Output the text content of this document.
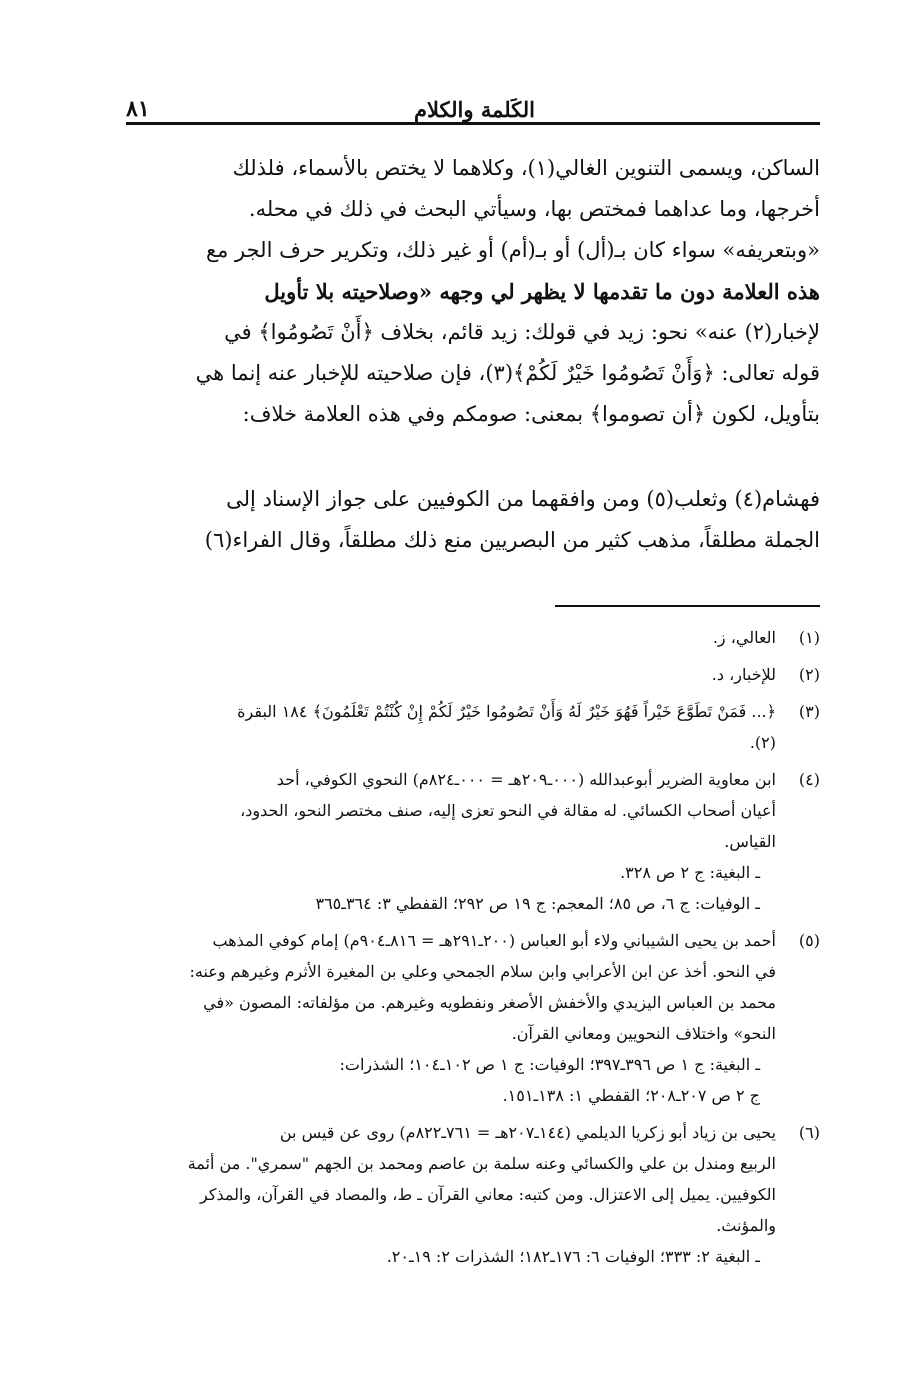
الكَلمة والكلام
٨١
الساكن، ويسمى التنوين الغالي(١)، وكلاهما لا يختص بالأسماء، فلذلك
أخرجها، وما عداهما فمختص بها، وسيأتي البحث في ذلك في محله.
«وبتعريفه» سواء كان بـ(أل) أو بـ(أم) أو غير ذلك، وتكرير حرف الجر مع
هذه العلامة دون ما تقدمها لا يظهر لي وجهه «وصلاحيته بلا تأويل
لإخبار(٢) عنه» نحو: زيد في قولك: زيد قائم، بخلاف ﴿أَنْ تَصُومُوا﴾ في
قوله تعالى: ﴿وَأَنْ تَصُومُوا خَيْرٌ لَكُمْ﴾(٣)، فإن صلاحيته للإخبار عنه إنما هي
بتأويل، لكون ﴿أن تصوموا﴾ بمعنى: صومكم وفي هذه العلامة خلاف:
فهشام(٤) وثعلب(٥) ومن وافقهما من الكوفيين على جواز الإسناد إلى
الجملة مطلقاً، مذهب كثير من البصريين منع ذلك مطلقاً، وقال الفراء(٦)
(١)
العالي، ز.
(٢)
للإخبار، د.
(٣)
﴿... فَمَنْ تَطَوَّعَ خَيْراً فَهُوَ خَيْرٌ لَهُ وَأَنْ تَصُومُوا خَيْرٌ لَكُمْ إِنْ كُنْتُمْ تَعْلَمُونَ﴾ ١٨٤ البقرة
(٢).
(٤)
ابن معاوية الضرير أبوعبدالله (٠٠٠ـ٢٠٩هـ = ٠٠٠ـ٨٢٤م) النحوي الكوفي، أحد
أعيان أصحاب الكسائي. له مقالة في النحو تعزى إليه، صنف مختصر النحو، الحدود،
القياس.
ـ البغية: ج ٢ ص ٣٢٨.
ـ الوفيات: ج ٦، ص ٨٥؛ المعجم: ج ١٩ ص ٢٩٢؛ القفطي ٣: ٣٦٤ـ٣٦٥
(٥)
أحمد بن يحيى الشيباني ولاء أبو العباس (٢٠٠ـ٢٩١هـ = ٨١٦ـ٩٠٤م) إمام كوفي المذهب
في النحو. أخذ عن ابن الأعرابي وابن سلام الجمحي وعلي بن المغيرة الأثرم وغيرهم وعنه:
محمد بن العباس اليزيدي والأخفش الأصغر ونفطويه وغيرهم. من مؤلفاته: المصون «في
النحو» واختلاف النحويين ومعاني القرآن.
ـ البغية: ج ١ ص ٣٩٦ـ٣٩٧؛ الوفيات: ج ١ ص ١٠٢ـ١٠٤؛ الشذرات:
ج ٢ ص ٢٠٧ـ٢٠٨؛ القفطي ١: ١٣٨ـ١٥١.
(٦)
يحيى بن زياد أبو زكريا الديلمي (١٤٤ـ٢٠٧هـ = ٧٦١ـ٨٢٢م) روى عن قيس بن
الربيع ومندل بن علي والكسائي وعنه سلمة بن عاصم ومحمد بن الجهم "سمري". من أئمة
الكوفيين. يميل إلى الاعتزال. ومن كتبه: معاني القرآن ـ ط، والمصاد في القرآن، والمذكر
والمؤنث.
ـ البغية ٢: ٣٣٣؛ الوفيات ٦: ١٧٦ـ١٨٢؛ الشذرات ٢: ١٩ـ٢٠.
